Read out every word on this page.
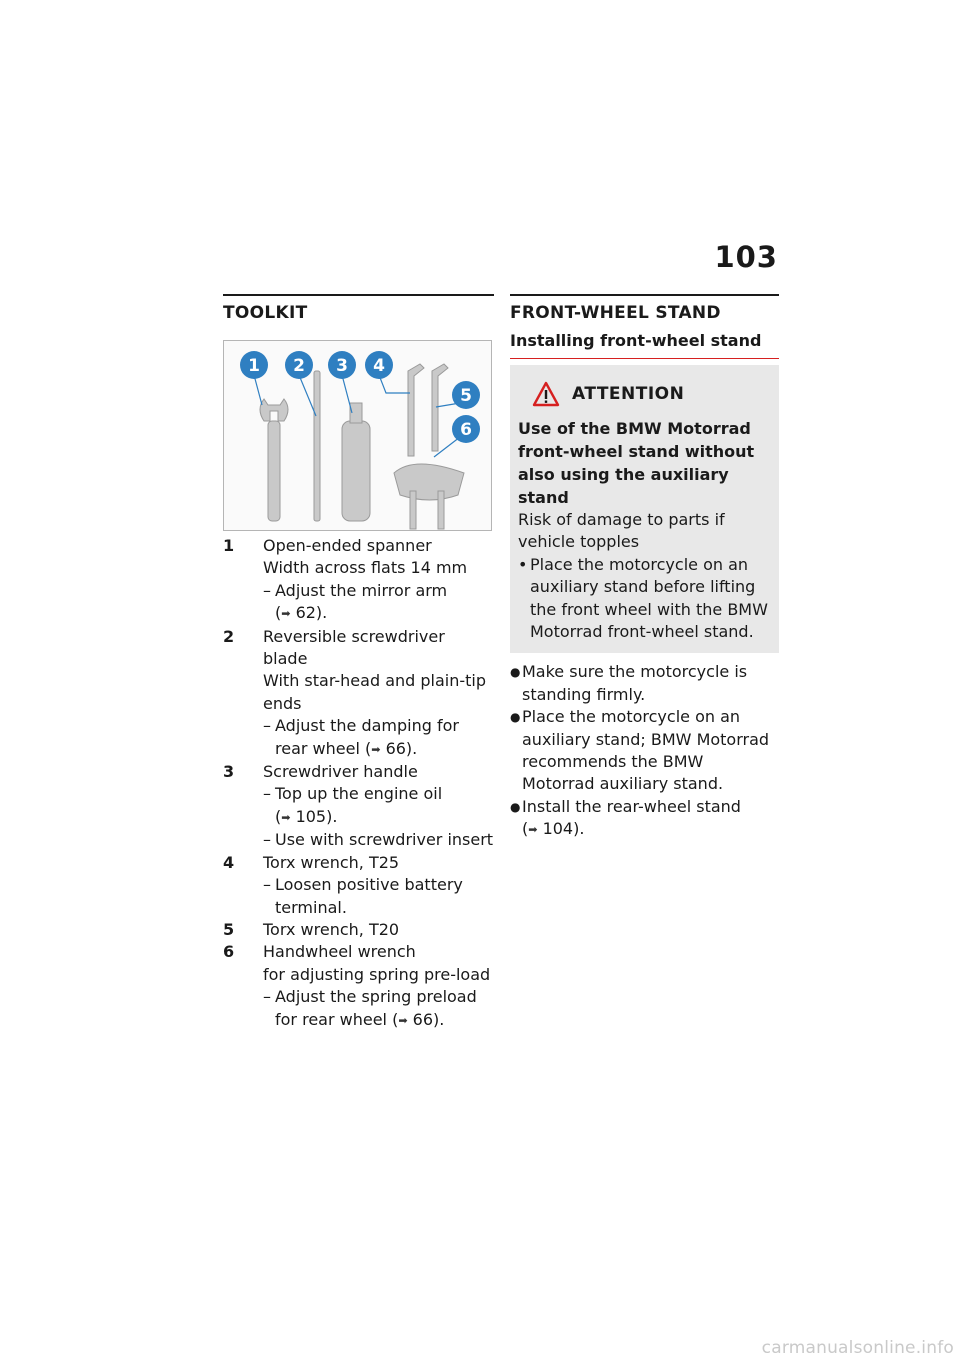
103
TOOLKIT
1 2 3 4
5
6
1	Open-ended spanner
Width across flats 14 mm
– Adjust the mirror arm (➡ 62).
2	Reversible screwdriver blade
With star-head and plain-tip ends
– Adjust the damping for rear wheel (➡ 66).
3	Screwdriver handle
– Top up the engine oil (➡ 105).
– Use with screwdriver insert
4	Torx wrench, T25
– Loosen positive battery terminal.
5	Torx wrench, T20
6	Handwheel wrench
for adjusting spring pre-load
– Adjust the spring preload for rear wheel (➡ 66).
FRONT-WHEEL STAND
Installing front-wheel stand
ATTENTION
Use of the BMW Motorrad front-wheel stand without also using the auxiliary stand
Risk of damage to parts if vehicle topples
• Place the motorcycle on an auxiliary stand before lifting the front wheel with the BMW Motorrad front-wheel stand.
● Make sure the motorcycle is standing firmly.
● Place the motorcycle on an auxiliary stand; BMW Motorrad recommends the BMW Motorrad auxiliary stand.
● Install the rear-wheel stand (➡ 104).
carmanualsonline.info
